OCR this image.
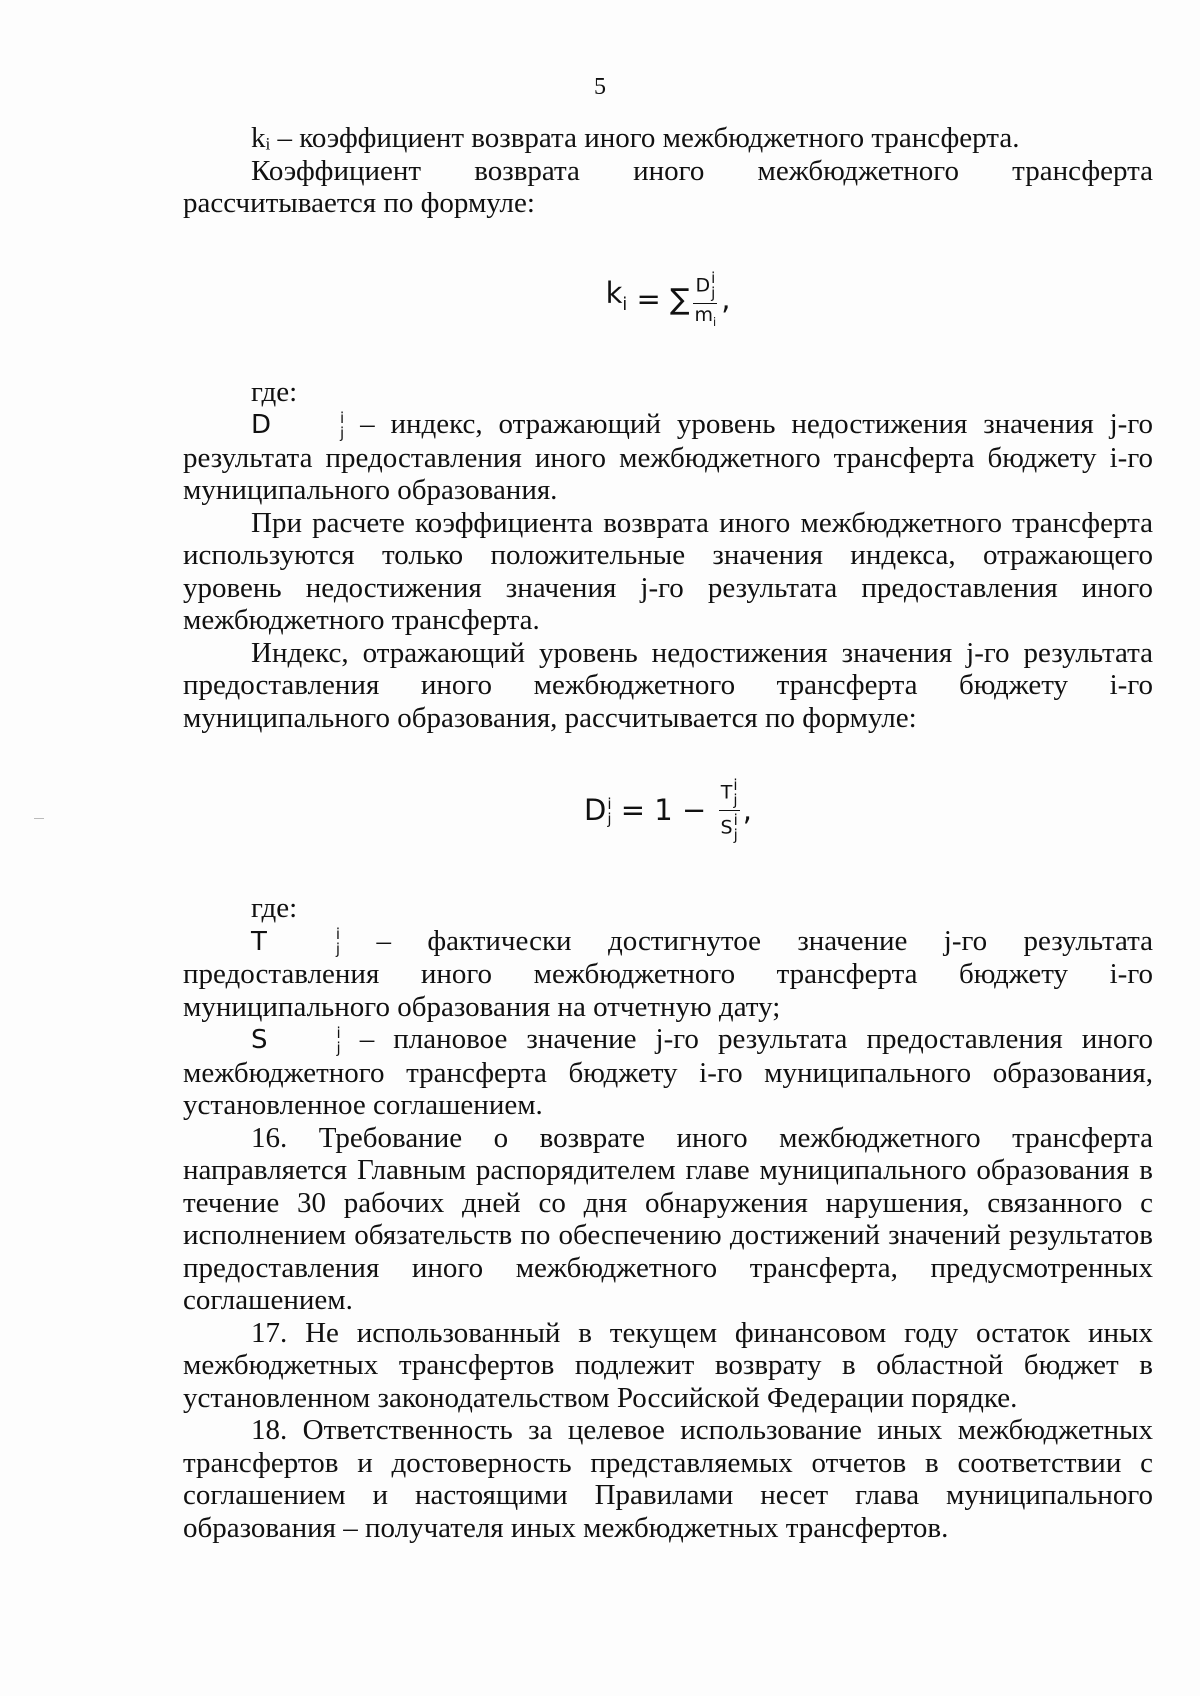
5

kᵢ – коэффициент возврата иного межбюджетного трансферта.

Коэффициент возврата иного межбюджетного трансферта рассчитывается по формуле:

$k_i$
=
∑ D i
j
$m_i$ ,

где:

D	i
j – индекс, отражающий уровень недостижения значения j-го результата предоставления иного межбюджетного трансферта бюджету i-го муниципального образования.

При расчете коэффициента возврата иного межбюджетного трансферта используются только положительные значения индекса, отражающего уровень недостижения значения j-го результата предоставления иного межбюджетного трансферта.

Индекс, отражающий уровень недостижения значения j-го результата предоставления иного межбюджетного трансферта бюджету i-го муниципального образования, рассчитывается по формуле:

D i
j
= 1 −
T i
j
S i
j ,

где:

T	i
j – фактически достигнутое значение j-го результата предоставления иного межбюджетного трансферта бюджету i-го муниципального образования на отчетную дату;

S	i
j – плановое значение j-го результата предоставления иного межбюджетного трансферта бюджету i-го муниципального образования, установленное соглашением.

16. Требование о возврате иного межбюджетного трансферта направляется Главным распорядителем главе муниципального образования в течение 30 рабочих дней со дня обнаружения нарушения, связанного с исполнением обязательств по обеспечению достижений значений результатов предоставления иного межбюджетного трансферта, предусмотренных соглашением.

17. Не использованный в текущем финансовом году остаток иных межбюджетных трансфертов подлежит возврату в областной бюджет в установленном законодательством Российской Федерации порядке.

18. Ответственность за целевое использование иных межбюджетных трансфертов и достоверность представляемых отчетов в соответствии с соглашением и настоящими Правилами несет глава муниципального образования – получателя иных межбюджетных трансфертов.
